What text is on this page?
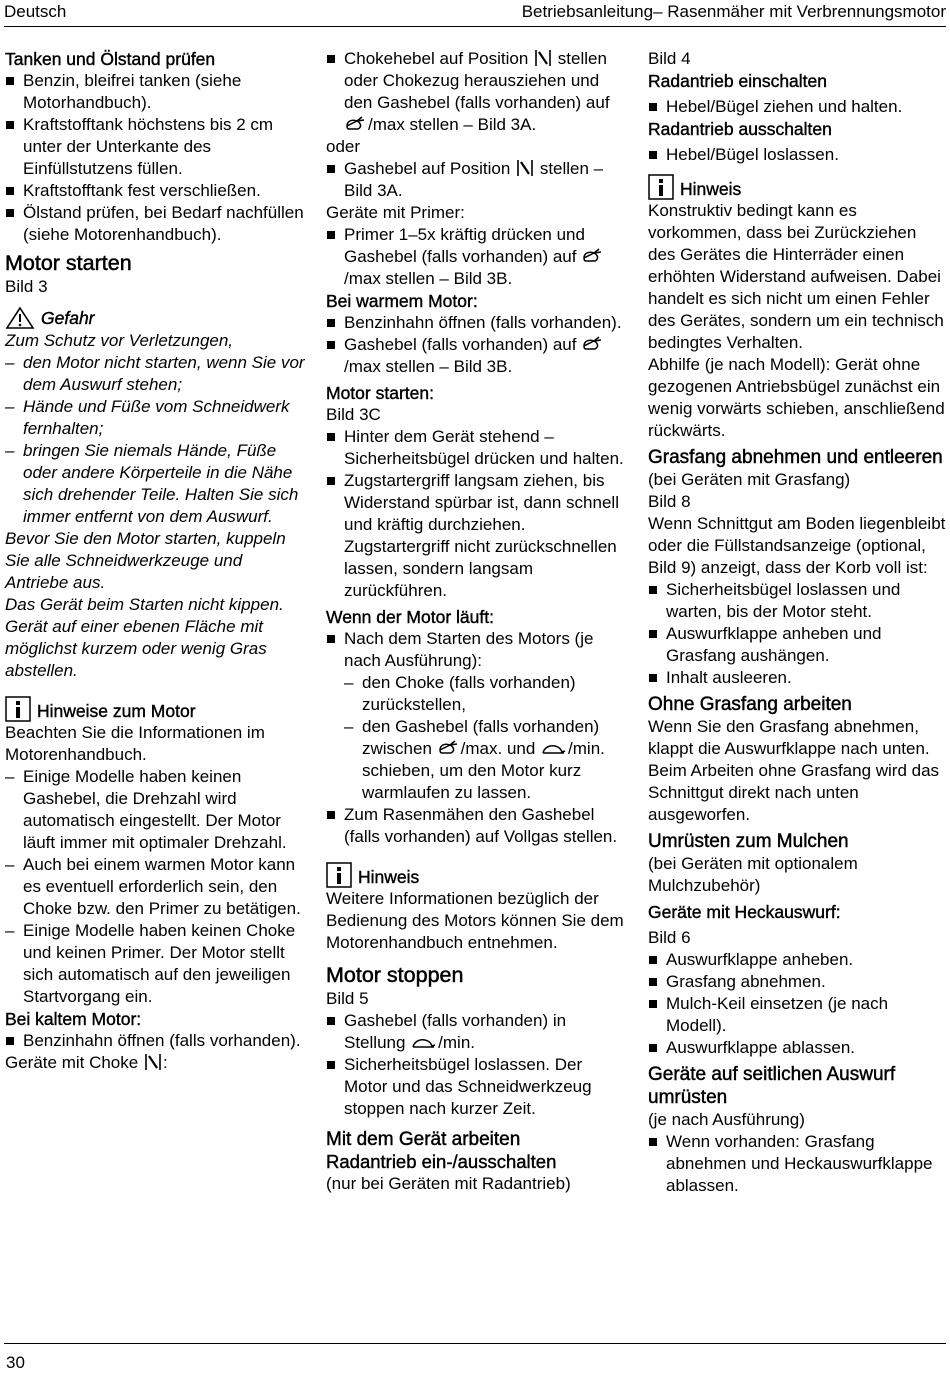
Deutsch	Betriebsanleitung– Rasenmäher mit Verbrennungsmotor
Tanken und Ölstand prüfen
Benzin, bleifrei tanken (siehe Motorhandbuch).
Kraftstofftank höchstens bis 2 cm unter der Unterkante des Einfüllstutzens füllen.
Kraftstofftank fest verschließen.
Ölstand prüfen, bei Bedarf nachfüllen (siehe Motorenhandbuch).
Motor starten
Bild 3
Gefahr
Zum Schutz vor Verletzungen,
– den Motor nicht starten, wenn Sie vor dem Auswurf stehen;
– Hände und Füße vom Schneidwerk fernhalten;
– bringen Sie niemals Hände, Füße oder andere Körperteile in die Nähe sich drehender Teile. Halten Sie sich immer entfernt von dem Auswurf.
Bevor Sie den Motor starten, kuppeln Sie alle Schneidwerkzeuge und Antriebe aus.
Das Gerät beim Starten nicht kippen. Gerät auf einer ebenen Fläche mit möglichst kurzem oder wenig Gras abstellen.
Hinweise zum Motor
Beachten Sie die Informationen im Motorenhandbuch.
– Einige Modelle haben keinen Gashebel, die Drehzahl wird automatisch eingestellt. Der Motor läuft immer mit optimaler Drehzahl.
– Auch bei einem warmen Motor kann es eventuell erforderlich sein, den Choke bzw. den Primer zu betätigen.
– Einige Modelle haben keinen Choke und keinen Primer. Der Motor stellt sich automatisch auf den jeweiligen Startvorgang ein.
Bei kaltem Motor:
Benzinhahn öffnen (falls vorhanden).
Geräte mit Choke :
Chokehebel auf Position stellen oder Chokezug herausziehen und den Gashebel (falls vorhanden) auf /max stellen – Bild 3A.
oder
Gashebel auf Position stellen – Bild 3A.
Geräte mit Primer:
Primer 1–5x kräftig drücken und Gashebel (falls vorhanden) auf /max stellen – Bild 3B.
Bei warmem Motor:
Benzinhahn öffnen (falls vorhanden).
Gashebel (falls vorhanden) auf /max stellen – Bild 3B.
Motor starten:
Bild 3C
Hinter dem Gerät stehend – Sicherheitsbügel drücken und halten.
Zugstartergriff langsam ziehen, bis Widerstand spürbar ist, dann schnell und kräftig durchziehen. Zugstartergriff nicht zurückschnellen lassen, sondern langsam zurückführen.
Wenn der Motor läuft:
Nach dem Starten des Motors (je nach Ausführung):
– den Choke (falls vorhanden) zurückstellen,
– den Gashebel (falls vorhanden) zwischen /max. und /min. schieben, um den Motor kurz warmlaufen zu lassen.
Zum Rasenmähen den Gashebel (falls vorhanden) auf Vollgas stellen.
Hinweis
Weitere Informationen bezüglich der Bedienung des Motors können Sie dem Motorenhandbuch entnehmen.
Motor stoppen
Bild 5
Gashebel (falls vorhanden) in Stellung /min.
Sicherheitsbügel loslassen. Der Motor und das Schneidwerkzeug stoppen nach kurzer Zeit.
Mit dem Gerät arbeiten
Radantrieb ein-/ausschalten
(nur bei Geräten mit Radantrieb)
Bild 4
Radantrieb einschalten
Hebel/Bügel ziehen und halten.
Radantrieb ausschalten
Hebel/Bügel loslassen.
Hinweis
Konstruktiv bedingt kann es vorkommen, dass bei Zurückziehen des Gerätes die Hinterräder einen erhöhten Widerstand aufweisen. Dabei handelt es sich nicht um einen Fehler des Gerätes, sondern um ein technisch bedingtes Verhalten.
Abhilfe (je nach Modell): Gerät ohne gezogenen Antriebsbügel zunächst ein wenig vorwärts schieben, anschließend rückwärts.
Grasfang abnehmen und entleeren
(bei Geräten mit Grasfang)
Bild 8
Wenn Schnittgut am Boden liegenbleibt oder die Füllstandsanzeige (optional, Bild 9) anzeigt, dass der Korb voll ist:
Sicherheitsbügel loslassen und warten, bis der Motor steht.
Auswurfklappe anheben und Grasfang aushängen.
Inhalt ausleeren.
Ohne Grasfang arbeiten
Wenn Sie den Grasfang abnehmen, klappt die Auswurfklappe nach unten. Beim Arbeiten ohne Grasfang wird das Schnittgut direkt nach unten ausgeworfen.
Umrüsten zum Mulchen
(bei Geräten mit optionalem Mulchzubehör)
Geräte mit Heckauswurf:
Bild 6
Auswurfklappe anheben.
Grasfang abnehmen.
Mulch-Keil einsetzen (je nach Modell).
Auswurfklappe ablassen.
Geräte auf seitlichen Auswurf umrüsten
(je nach Ausführung)
Wenn vorhanden: Grasfang abnehmen und Heckauswurfklappe ablassen.
30
